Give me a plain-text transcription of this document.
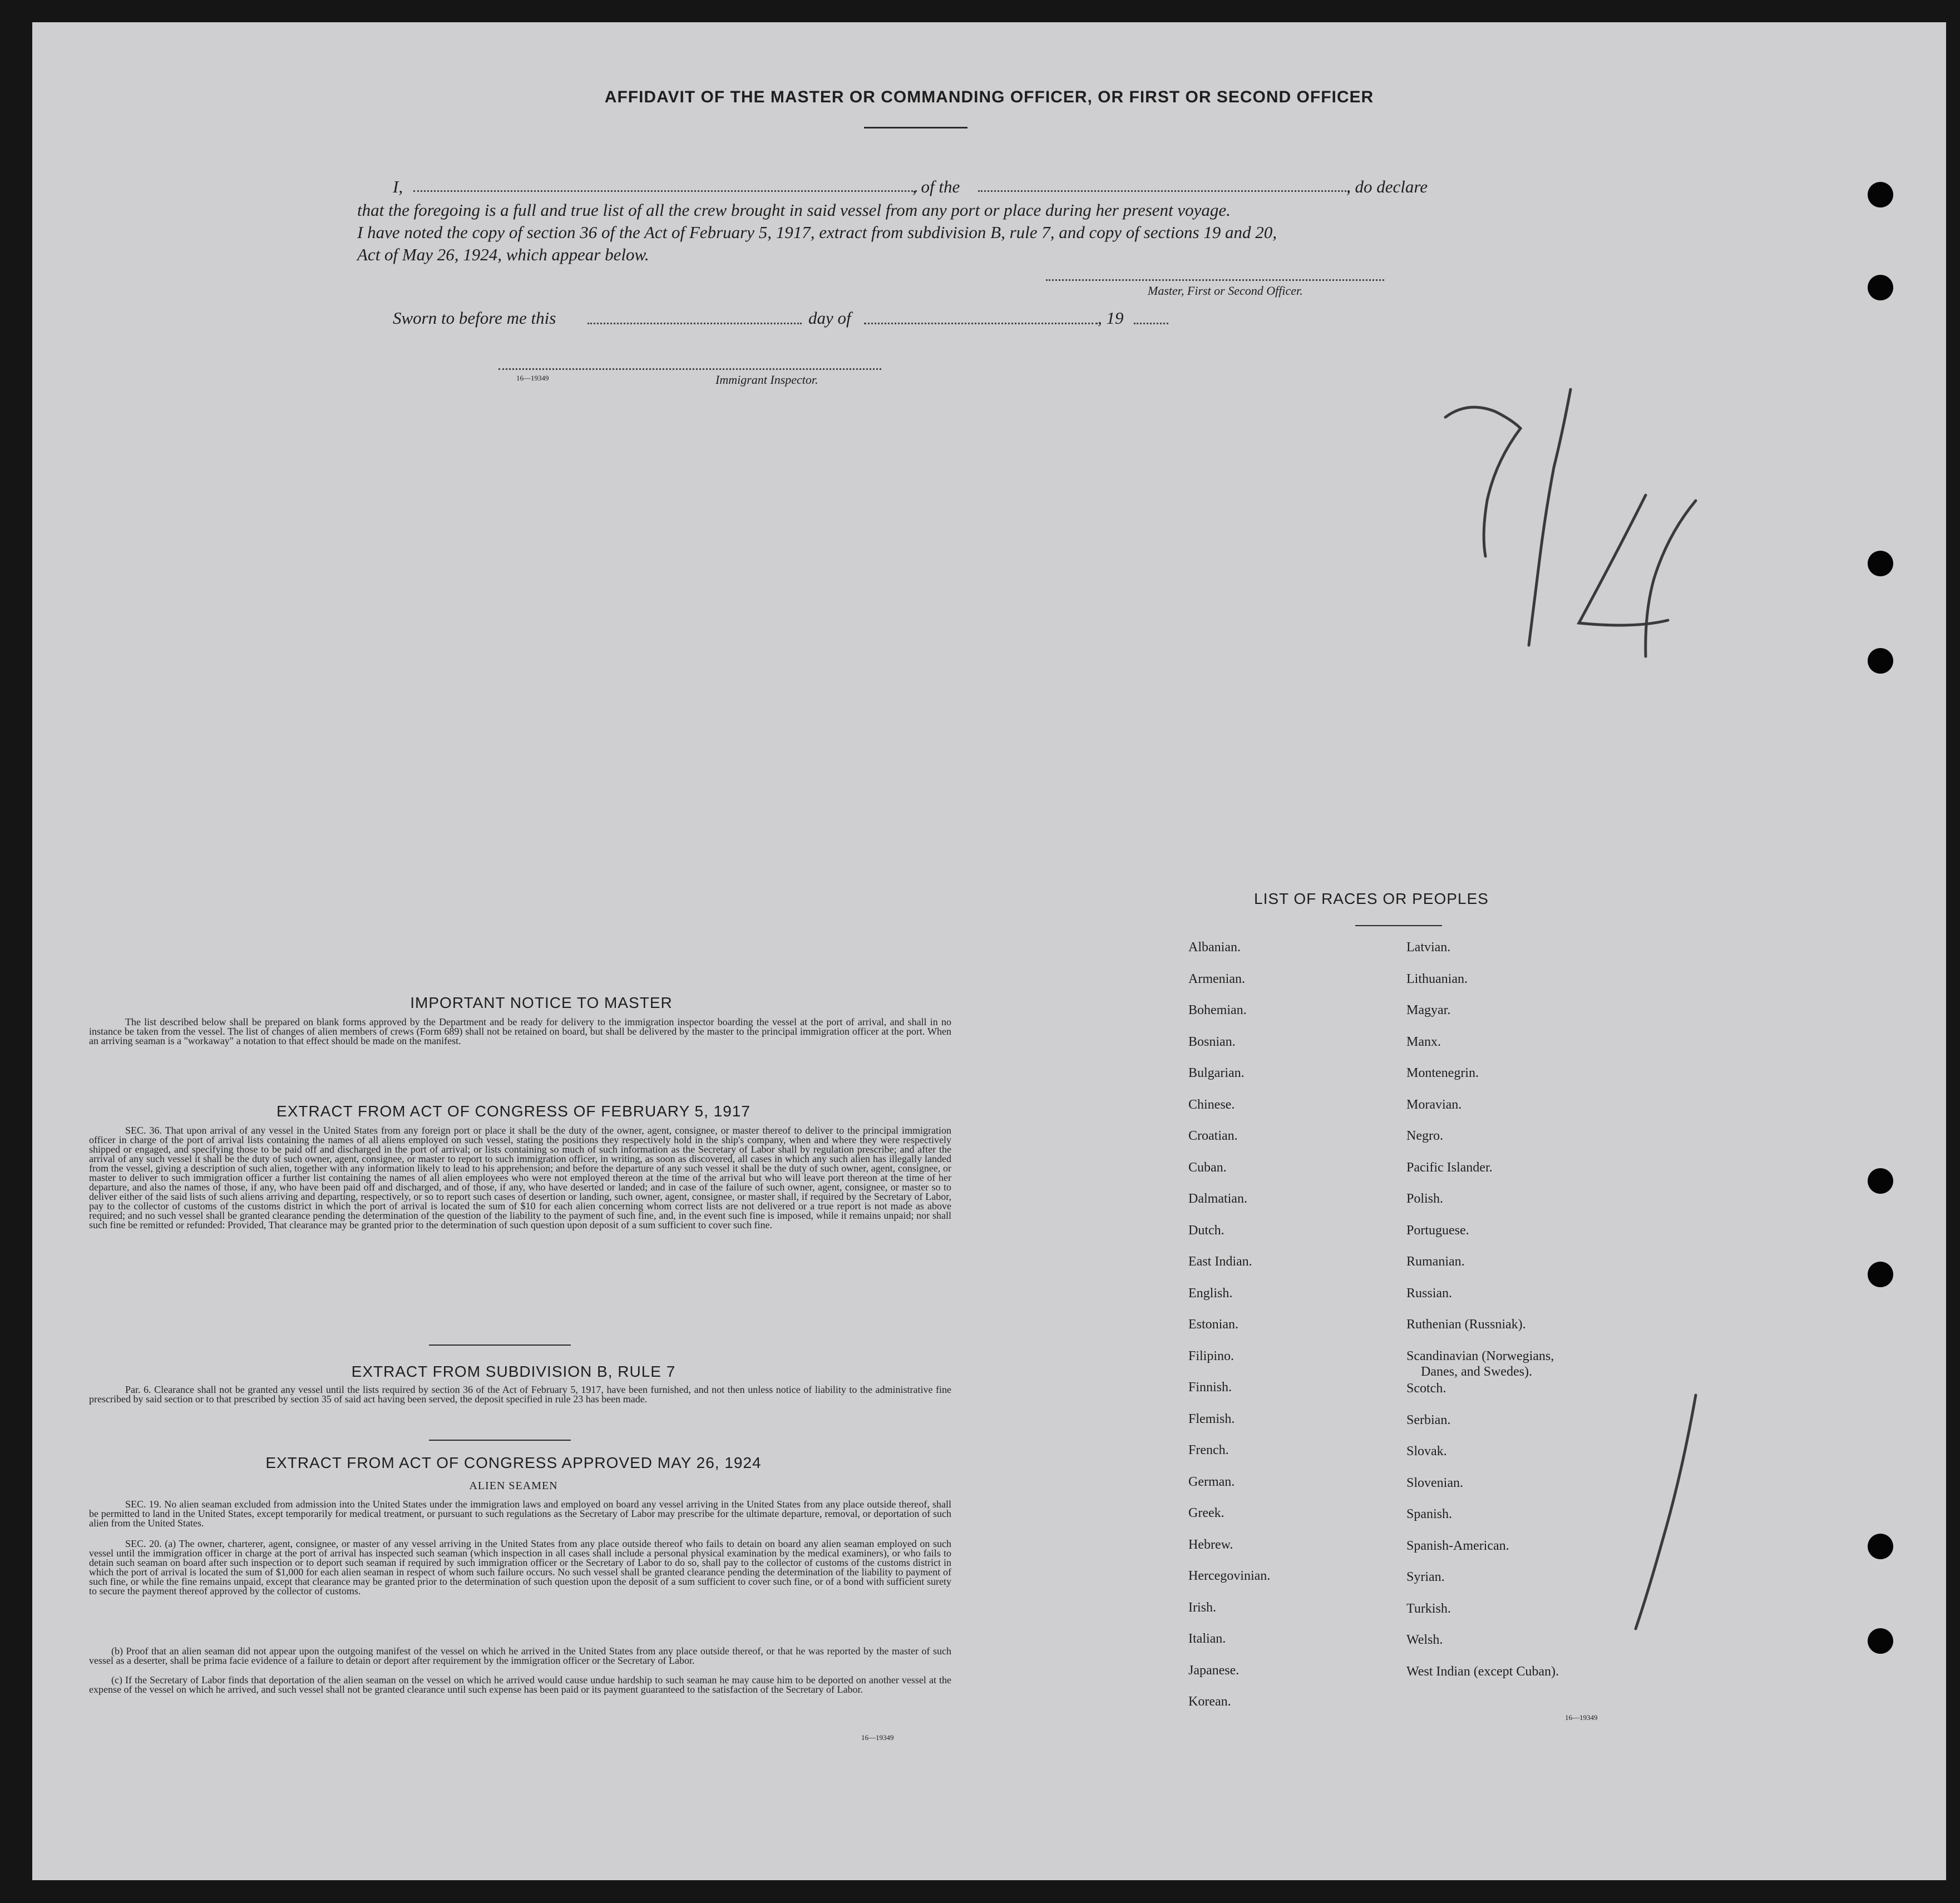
AFFIDAVIT OF THE MASTER OR COMMANDING OFFICER, OR FIRST OR SECOND OFFICER
I,	, of the	, do declare
that the foregoing is a full and true list of all the crew brought in said vessel from any port or place during her present voyage.
I have noted the copy of section 36 of the Act of February 5, 1917, extract from subdivision B, rule 7, and copy of sections 19 and 20,
Act of May 26, 1924, which appear below.
Master, First or Second Officer.
Sworn to before me this	day of	, 19
16—19349	Immigrant Inspector.
74
IMPORTANT NOTICE TO MASTER
The list described below shall be prepared on blank forms approved by the Department and be ready for delivery to the immigration inspector boarding the vessel at the port of arrival, and shall in no instance be taken from the vessel. The list of changes of alien members of crews (Form 689) shall not be retained on board, but shall be delivered by the master to the principal immigration officer at the port. When an arriving seaman is a "workaway" a notation to that effect should be made on the manifest.
EXTRACT FROM ACT OF CONGRESS OF FEBRUARY 5, 1917
SEC. 36. That upon arrival of any vessel in the United States from any foreign port or place it shall be the duty of the owner, agent, consignee, or master thereof to deliver to the principal immigration officer in charge of the port of arrival lists containing the names of all aliens employed on such vessel, stating the positions they respectively hold in the ship's company, when and where they were respectively shipped or engaged, and specifying those to be paid off and discharged in the port of arrival; or lists containing so much of such information as the Secretary of Labor shall by regulation prescribe; and after the arrival of any such vessel it shall be the duty of such owner, agent, consignee, or master to report to such immigration officer, in writing, as soon as discovered, all cases in which any such alien has illegally landed from the vessel, giving a description of such alien, together with any information likely to lead to his apprehension; and before the departure of any such vessel it shall be the duty of such owner, agent, consignee, or master to deliver to such immigration officer a further list containing the names of all alien employees who were not employed thereon at the time of the arrival but who will leave port thereon at the time of her departure, and also the names of those, if any, who have been paid off and discharged, and of those, if any, who have deserted or landed; and in case of the failure of such owner, agent, consignee, or master so to deliver either of the said lists of such aliens arriving and departing, respectively, or so to report such cases of desertion or landing, such owner, agent, consignee, or master shall, if required by the Secretary of Labor, pay to the collector of customs of the customs district in which the port of arrival is located the sum of $10 for each alien concerning whom correct lists are not delivered or a true report is not made as above required; and no such vessel shall be granted clearance pending the determination of the question of the liability to the payment of such fine, and, in the event such fine is imposed, while it remains unpaid; nor shall such fine be remitted or refunded: Provided, That clearance may be granted prior to the determination of such question upon deposit of a sum sufficient to cover such fine.
EXTRACT FROM SUBDIVISION B, RULE 7
Par. 6. Clearance shall not be granted any vessel until the lists required by section 36 of the Act of February 5, 1917, have been furnished, and not then unless notice of liability to the administrative fine prescribed by said section or to that prescribed by section 35 of said act having been served, the deposit specified in rule 23 has been made.
EXTRACT FROM ACT OF CONGRESS APPROVED MAY 26, 1924
ALIEN SEAMEN
SEC. 19. No alien seaman excluded from admission into the United States under the immigration laws and employed on board any vessel arriving in the United States from any place outside thereof, shall be permitted to land in the United States, except temporarily for medical treatment, or pursuant to such regulations as the Secretary of Labor may prescribe for the ultimate departure, removal, or deportation of such alien from the United States.
SEC. 20. (a) The owner, charterer, agent, consignee, or master of any vessel arriving in the United States from any place outside thereof who fails to detain on board any alien seaman employed on such vessel until the immigration officer in charge at the port of arrival has inspected such seaman (which inspection in all cases shall include a personal physical examination by the medical examiners), or who fails to detain such seaman on board after such inspection or to deport such seaman if required by such immigration officer or the Secretary of Labor to do so, shall pay to the collector of customs of the customs district in which the port of arrival is located the sum of $1,000 for each alien seaman in respect of whom such failure occurs. No such vessel shall be granted clearance pending the determination of the liability to payment of such fine, or while the fine remains unpaid, except that clearance may be granted prior to the determination of such question upon the deposit of a sum sufficient to cover such fine, or of a bond with sufficient surety to secure the payment thereof approved by the collector of customs.
(b) Proof that an alien seaman did not appear upon the outgoing manifest of the vessel on which he arrived in the United States from any place outside thereof, or that he was reported by the master of such vessel as a deserter, shall be prima facie evidence of a failure to detain or deport after requirement by the immigration officer or the Secretary of Labor.
(c) If the Secretary of Labor finds that deportation of the alien seaman on the vessel on which he arrived would cause undue hardship to such seaman he may cause him to be deported on another vessel at the expense of the vessel on which he arrived, and such vessel shall not be granted clearance until such expense has been paid or its payment guaranteed to the satisfaction of the Secretary of Labor.
16—19349
LIST OF RACES OR PEOPLES
Albanian.
Armenian.
Bohemian.
Bosnian.
Bulgarian.
Chinese.
Croatian.
Cuban.
Dalmatian.
Dutch.
East Indian.
English.
Estonian.
Filipino.
Finnish.
Flemish.
French.
German.
Greek.
Hebrew.
Hercegovinian.
Irish.
Italian.
Japanese.
Korean.
Latvian.
Lithuanian.
Magyar.
Manx.
Montenegrin.
Moravian.
Negro.
Pacific Islander.
Polish.
Portuguese.
Rumanian.
Russian.
Ruthenian (Russniak).
Scandinavian (Norwegians,
Danes, and Swedes).
Scotch.
Serbian.
Slovak.
Slovenian.
Spanish.
Spanish-American.
Syrian.
Turkish.
Welsh.
West Indian (except Cuban).
16—19349
